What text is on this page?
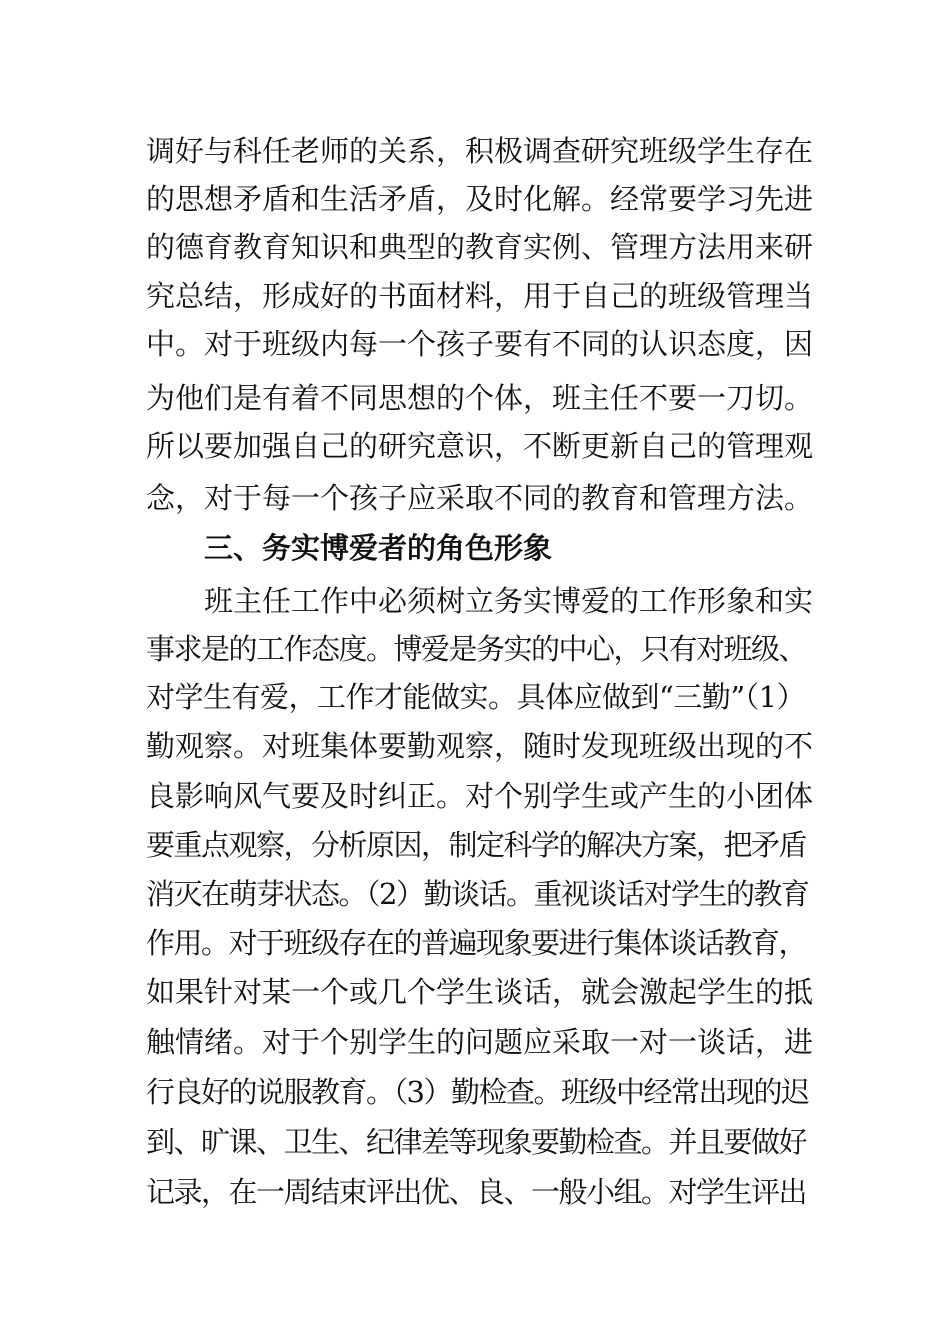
调好与科任老师的关系，积极调查研究班级学生存在
的思想矛盾和生活矛盾，及时化解。经常要学习先进
的德育教育知识和典型的教育实例、管理方法用来研
究总结，形成好的书面材料，用于自己的班级管理当
中。对于班级内每一个孩子要有不同的认识态度，因
为他们是有着不同思想的个体，班主任不要一刀切。
所以要加强自己的研究意识，不断更新自己的管理观
念，对于每一个孩子应采取不同的教育和管理方法。
三、务实博爱者的角色形象
班主任工作中必须树立务实博爱的工作形象和实
事求是的工作态度。博爱是务实的中心，只有对班级、
对学生有爱，工作才能做实。具体应做到“三勤”（1）
勤观察。对班集体要勤观察，随时发现班级出现的不
良影响风气要及时纠正。对个别学生或产生的小团体
要重点观察，分析原因，制定科学的解决方案，把矛盾
消灭在萌芽状态。（2）勤谈话。重视谈话对学生的教育
作用。对于班级存在的普遍现象要进行集体谈话教育，
如果针对某一个或几个学生谈话，就会激起学生的抵
触情绪。对于个别学生的问题应采取一对一谈话，进
行良好的说服教育。（3）勤检查。班级中经常出现的迟
到、旷课、卫生、纪律差等现象要勤检查。并且要做好
记录，在一周结束评出优、良、一般小组。对学生评出
